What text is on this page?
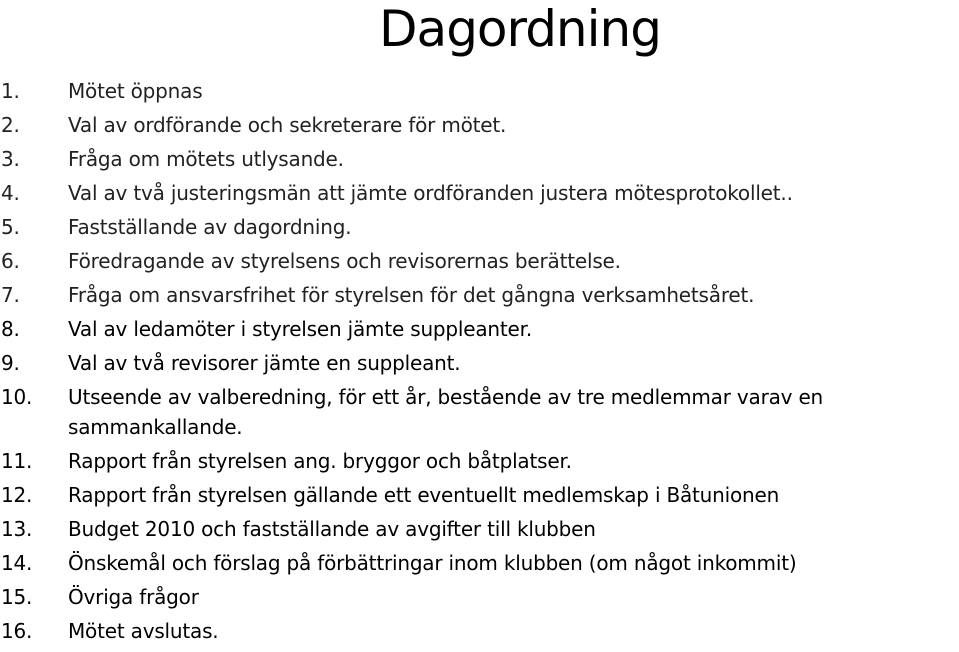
Dagordning
1.	Mötet öppnas
2.	Val av ordförande och sekreterare för mötet.
3.	Fråga om mötets utlysande.
4.	Val av två justeringsmän att jämte ordföranden justera mötesprotokollet..
5.	Fastställande av dagordning.
6.	Föredragande av styrelsens och revisorernas berättelse.
7.	Fråga om ansvarsfrihet för styrelsen för det gångna verksamhetsåret.
8.	Val av ledamöter i styrelsen jämte suppleanter.
9.	Val av två revisorer jämte en suppleant.
10.	Utseende av valberedning, för ett år, bestående av tre medlemmar varav en sammankallande.
11.	Rapport från styrelsen ang. bryggor och båtplatser.
12.	Rapport från styrelsen gällande ett eventuellt medlemskap i Båtunionen
13.	Budget 2010 och fastställande av avgifter till klubben
14.	Önskemål och förslag på förbättringar inom klubben (om något inkommit)
15.	Övriga frågor
16.	Mötet avslutas.
